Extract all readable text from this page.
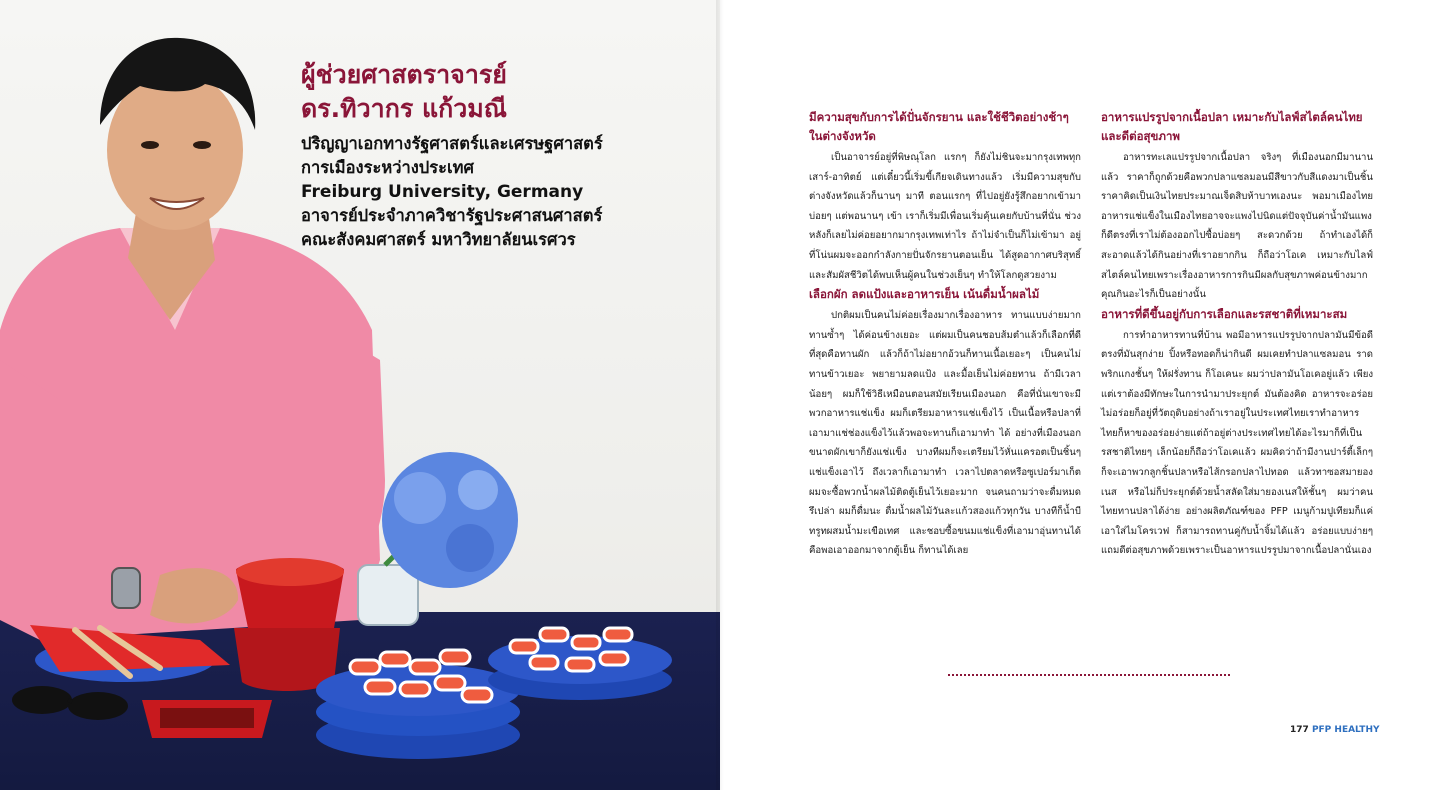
ผู้ช่วยศาสตราจารย์
ดร.ทิวากร แก้วมณี
ปริญญาเอกทางรัฐศาสตร์และเศรษฐศาสตร์
การเมืองระหว่างประเทศ
Freiburg University, Germany
อาจารย์ประจำภาควิชารัฐประศาสนศาสตร์
คณะสังคมศาสตร์ มหาวิทยาลัยนเรศวร
มีความสุขกับการได้ปั่นจักรยาน และใช้ชีวิตอย่างช้าๆ ในต่างจังหวัด

เป็นอาจารย์อยู่ที่พิษณุโลก แรกๆ ก็ยังไม่ชินจะมากรุงเทพทุกเสาร์-อาทิตย์ แต่เดี๋ยวนี้เริ่มขี้เกียจเดินทางแล้ว เริ่มมีความสุขกับต่างจังหวัดแล้วก็นานๆ มาที ตอนแรกๆ ที่ไปอยู่ยังรู้สึกอยากเข้ามาบ่อยๆ แต่พอนานๆ เข้า เราก็เริ่มมีเพื่อนเริ่มคุ้นเคยกับบ้านที่นั่น ช่วงหลังก็เลยไม่ค่อยอยากมากรุงเทพเท่าไร ถ้าไม่จำเป็นก็ไม่เข้ามา อยู่ที่โน่นผมจะออกกำลังกายปั่นจักรยานตอนเย็น ได้สูดอากาศบริสุทธิ์และสัมผัสชีวิตได้พบเห็นผู้คนในช่วงเย็นๆ ทำให้โลกดูสวยงาม

เลือกผัก ลดแป้งและอาหารเย็น เน้นดื่มน้ำผลไม้

ปกติผมเป็นคนไม่ค่อยเรื่องมากเรื่องอาหาร ทานแบบง่ายมาก ทานซ้ำๆ ได้ค่อนข้างเยอะ แต่ผมเป็นคนชอบส้มตำแล้วก็เลือกที่ดีที่สุดคือทานผัก แล้วก็ถ้าไม่อยากอ้วนก็ทานเนื้อเยอะๆ เป็นคนไม่ทานข้าวเยอะ พยายามลดแป้ง และมื้อเย็นไม่ค่อยทาน ถ้ามีเวลาน้อยๆ ผมก็ใช้วิธีเหมือนตอนสมัยเรียนเมืองนอก คือที่นั่นเขาจะมีพวกอาหารแช่แข็ง ผมก็เตรียมอาหารแช่แข็งไว้ เป็นเนื้อหรือปลาที่เอามาแช่ช่องแข็งไว้แล้วพอจะทานก็เอามาทำ ได้ อย่างที่เมืองนอกขนาดผักเขาก็ยังแช่แข็ง บางทีผมก็จะเตรียมไว้หั่นแครอตเป็นชิ้นๆ แช่แข็งเอาไว้ ถึงเวลาก็เอามาทำ เวลาไปตลาดหรือซูเปอร์มาเก็ตผมจะซื้อพวกน้ำผลไม้ติดตู้เย็นไว้เยอะมาก จนคนถามว่าจะดื่มหมดรึเปล่า ผมก็ดื่มนะ ดื่มน้ำผลไม้วันละแก้วสองแก้วทุกวัน บางทีก็น้ำบีทรูทผสมน้ำมะเขือเทศ และชอบซื้อขนมแช่แข็งที่เอามาอุ่นทานได้ คือพอเอาออกมาจากตู้เย็น ก็ทานได้เลย

อาหารแปรรูปจากเนื้อปลา เหมาะกับไลฟ์สไตล์คนไทยและดีต่อสุขภาพ

อาหารทะเลแปรรูปจากเนื้อปลา จริงๆ ที่เมืองนอกมีมานานแล้ว ราคาก็ถูกด้วยคือพวกปลาแซลมอนมีสีขาวกับสีแดงมาเป็นชิ้นราคาคิดเป็นเงินไทยประมาณเจ็ดสิบห้าบาทเองนะ พอมาเมืองไทย อาหารแช่แข็งในเมืองไทยอาจจะแพงไปนิดแต่ปัจจุบันค่าน้ำมันแพง ก็ดีตรงที่เราไม่ต้องออกไปซื้อบ่อยๆ สะดวกด้วย ถ้าทำเองได้ก็สะอาดแล้วได้กินอย่างที่เราอยากกิน ก็ถือว่าโอเค เหมาะกับไลฟ์สไตล์คนไทยเพราะเรื่องอาหารการกินมีผลกับสุขภาพค่อนข้างมาก คุณกินอะไรก็เป็นอย่างนั้น

อาหารที่ดีขึ้นอยู่กับการเลือกและรสชาติที่เหมาะสม

การทำอาหารทานที่บ้าน พอมีอาหารแปรรูปจากปลามันมีข้อดีตรงที่มันสุกง่าย ปิ้งหรือทอดก็น่ากินดี ผมเคยทำปลาแซลมอน ราดพริกแกงชั้นๆ ให้ฝรั่งทาน ก็โอเคนะ ผมว่าปลามันโอเคอยู่แล้ว เพียงแต่เราต้องมีทักษะในการนำมาประยุกต์ มันต้องคิด อาหารจะอร่อยไม่อร่อยก็อยู่ที่วัตถุดิบอย่างถ้าเราอยู่ในประเทศไทยเราทำอาหารไทยก็หาของอร่อยง่ายแต่ถ้าอยู่ต่างประเทศไทยได้อะไรมาก็ที่เป็นรสชาติไทยๆ เล็กน้อยก็ถือว่าโอเคแล้ว ผมคิดว่าถ้ามีงานปาร์ตี้เล็กๆ ก็จะเอาพวกลูกชิ้นปลาหรือไส้กรอกปลาไปทอด แล้วทาซอสมายองเนส หรือไม่ก็ประยุกต์ด้วยน้ำสลัดใส่มายองเนสให้ชั้นๆ ผมว่าคนไทยทานปลาได้ง่าย อย่างผลิตภัณฑ์ของ PFP เมนูก้ามปูเทียมก็แค่เอาใส่ไมโครเวฟ ก็สามารถทานคู่กับน้ำจิ้มได้แล้ว อร่อยแบบง่ายๆ แถมดีต่อสุขภาพด้วยเพราะเป็นอาหารแปรรูปมาจากเนื้อปลานั่นเอง

177 PFP HEALTHY
